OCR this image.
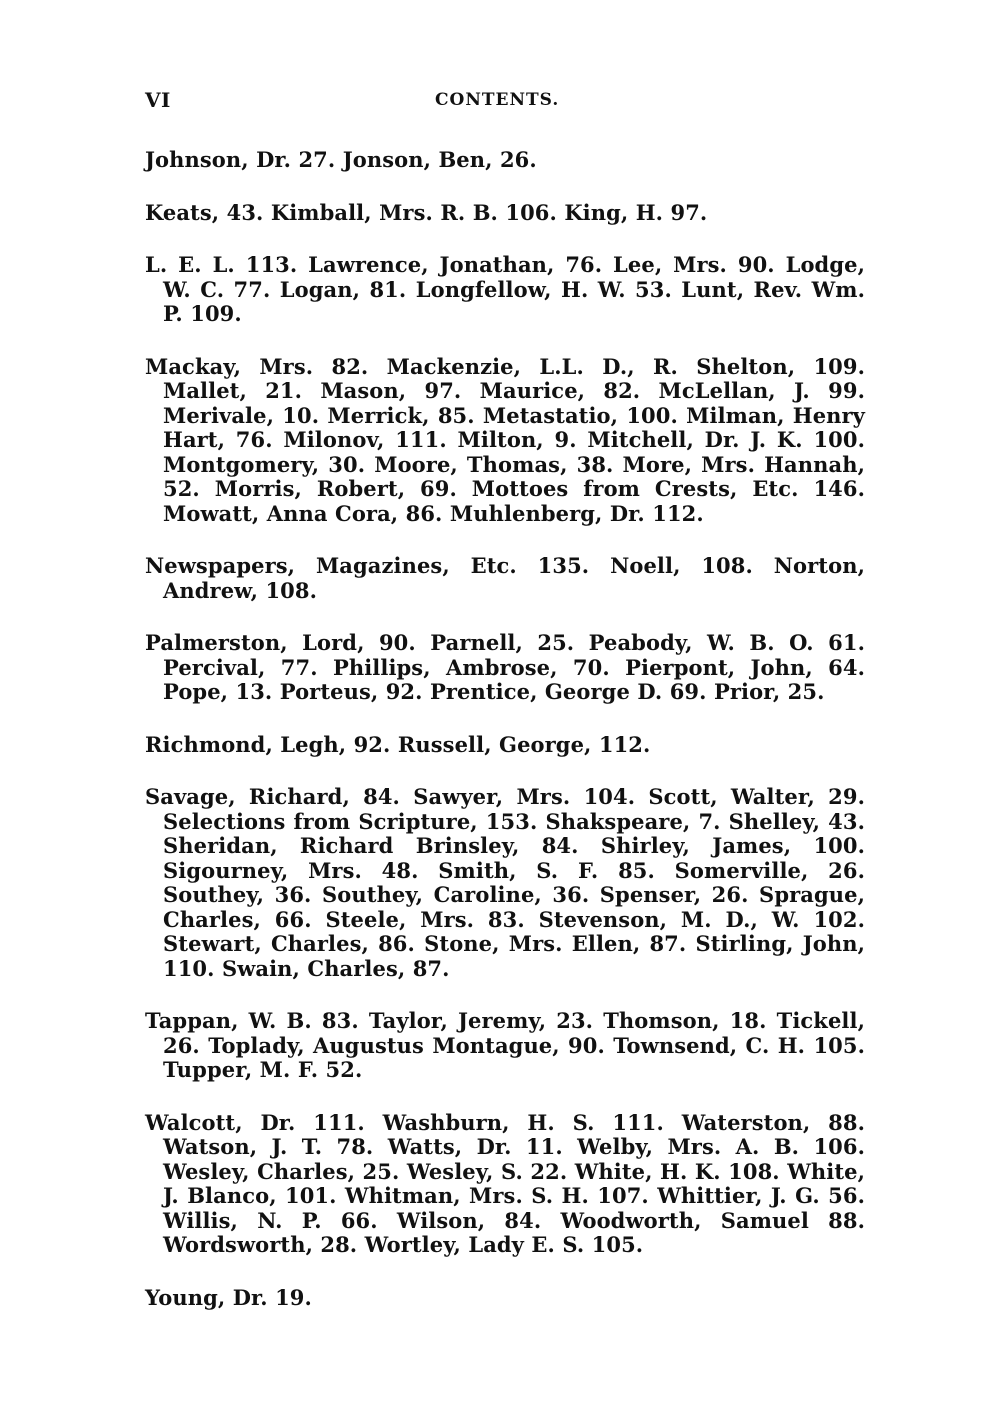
VI	CONTENTS.

Johnson, Dr. 27. Jonson, Ben, 26.

Keats, 43. Kimball, Mrs. R. B. 106. King, H. 97.

L. E. L. 113. Lawrence, Jonathan, 76. Lee, Mrs. 90. Lodge, W. C. 77. Logan, 81. Longfellow, H. W. 53. Lunt, Rev. Wm. P. 109.

Mackay, Mrs. 82. Mackenzie, L.L. D., R. Shelton, 109. Mallet, 21. Mason, 97. Maurice, 82. McLellan, J. 99. Merivale, 10. Merrick, 85. Metastatio, 100. Milman, Henry Hart, 76. Milonov, 111. Milton, 9. Mitchell, Dr. J. K. 100. Montgomery, 30. Moore, Thomas, 38. More, Mrs. Hannah, 52. Morris, Robert, 69. Mottoes from Crests, Etc. 146. Mowatt, Anna Cora, 86. Muhlenberg, Dr. 112.

Newspapers, Magazines, Etc. 135. Noell, 108. Norton, Andrew, 108.

Palmerston, Lord, 90. Parnell, 25. Peabody, W. B. O. 61. Percival, 77. Phillips, Ambrose, 70. Pierpont, John, 64. Pope, 13. Porteus, 92. Prentice, George D. 69. Prior, 25.

Richmond, Legh, 92. Russell, George, 112.

Savage, Richard, 84. Sawyer, Mrs. 104. Scott, Walter, 29. Selections from Scripture, 153. Shakspeare, 7. Shelley, 43. Sheridan, Richard Brinsley, 84. Shirley, James, 100. Sigourney, Mrs. 48. Smith, S. F. 85. Somerville, 26. Southey, 36. Southey, Caroline, 36. Spenser, 26. Sprague, Charles, 66. Steele, Mrs. 83. Stevenson, M. D., W. 102. Stewart, Charles, 86. Stone, Mrs. Ellen, 87. Stirling, John, 110. Swain, Charles, 87.

Tappan, W. B. 83. Taylor, Jeremy, 23. Thomson, 18. Tickell, 26. Toplady, Augustus Montague, 90. Townsend, C. H. 105. Tupper, M. F. 52.

Walcott, Dr. 111. Washburn, H. S. 111. Waterston, 88. Watson, J. T. 78. Watts, Dr. 11. Welby, Mrs. A. B. 106. Wesley, Charles, 25. Wesley, S. 22. White, H. K. 108. White, J. Blanco, 101. Whitman, Mrs. S. H. 107. Whittier, J. G. 56. Willis, N. P. 66. Wilson, 84. Woodworth, Samuel 88. Wordsworth, 28. Wortley, Lady E. S. 105.

Young, Dr. 19.
